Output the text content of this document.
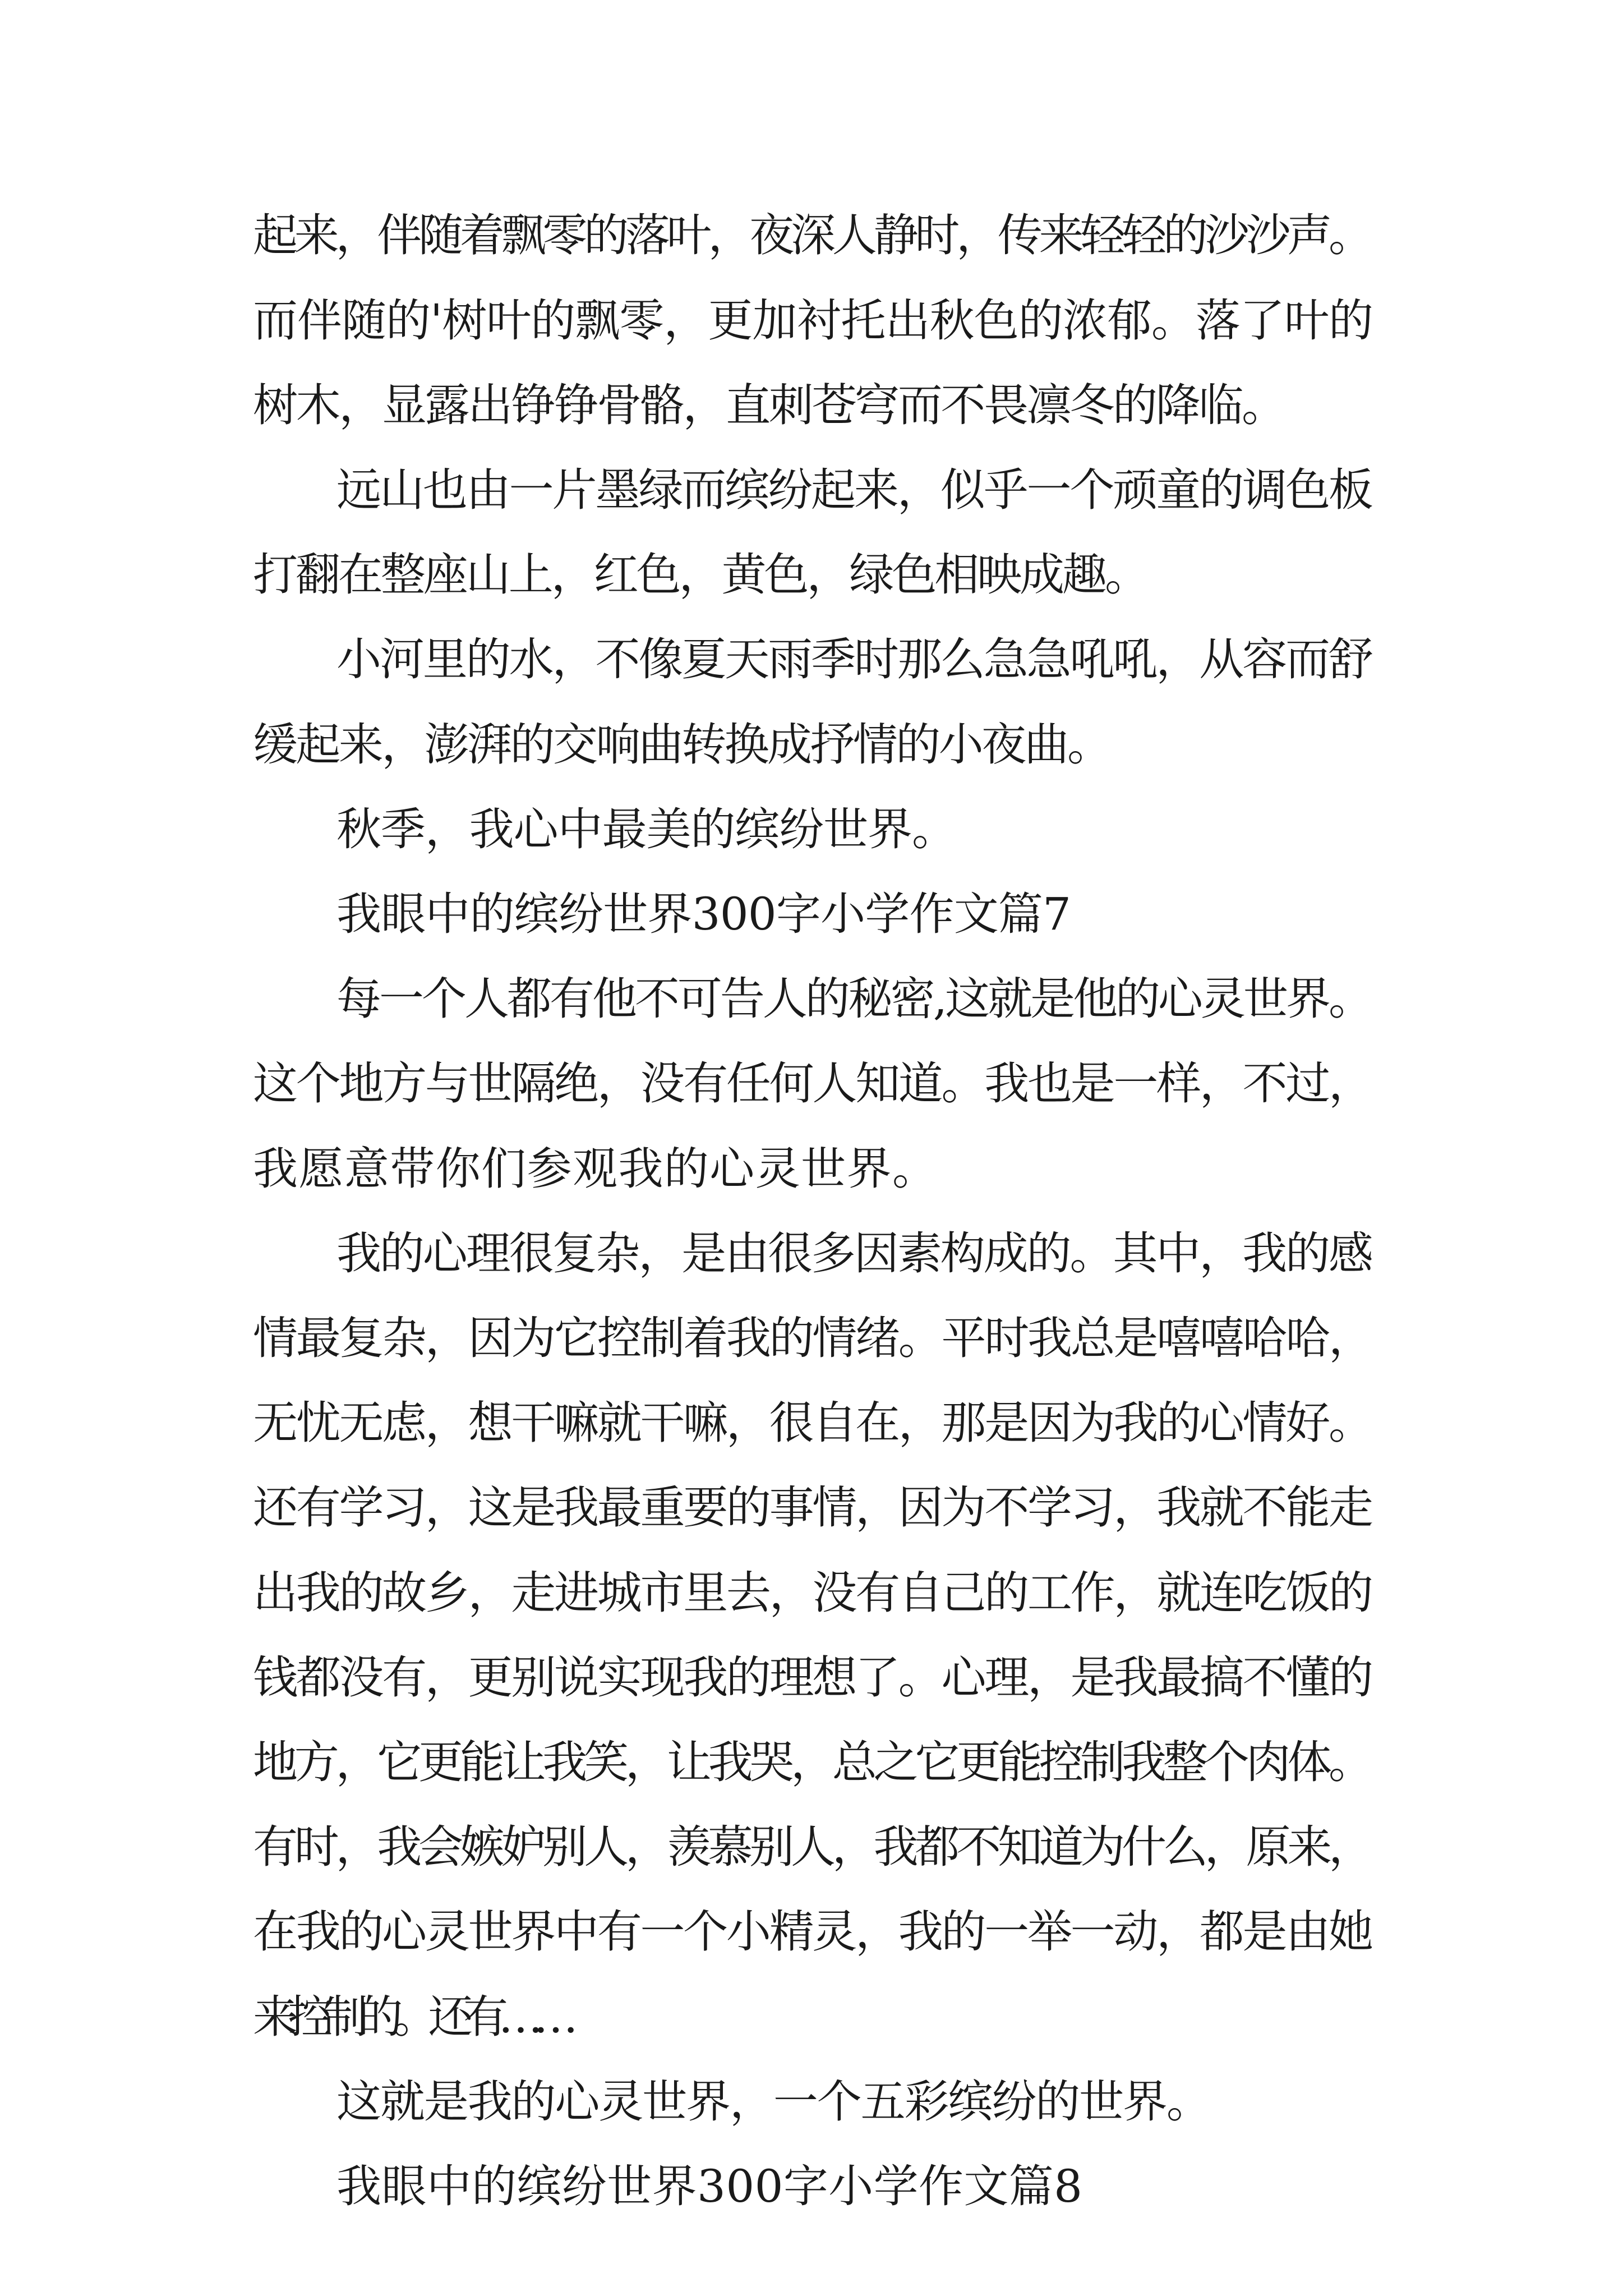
起来，伴随着飘零的落叶，夜深人静时，传来轻轻的沙沙声。
而伴随的'树叶的飘零，更加衬托出秋色的浓郁。落了叶的
树木，显露出铮铮骨骼，直刺苍穹而不畏凛冬的降临。
远山也由一片墨绿而缤纷起来，似乎一个顽童的调色板
打翻在整座山上，红色，黄色，绿色相映成趣。
小河里的水，不像夏天雨季时那么急急吼吼，从容而舒
缓起来，澎湃的交响曲转换成抒情的小夜曲。
秋季，我心中最美的缤纷世界。
我眼中的缤纷世界300字小学作文篇7
每一个人都有他不可告人的秘密,这就是他的心灵世界。
这个地方与世隔绝，没有任何人知道。我也是一样，不过，
我愿意带你们参观我的心灵世界。
我的心理很复杂，是由很多因素构成的。其中，我的感
情最复杂，因为它控制着我的情绪。平时我总是嘻嘻哈哈，
无忧无虑，想干嘛就干嘛，很自在，那是因为我的心情好。
还有学习，这是我最重要的事情，因为不学习，我就不能走
出我的故乡，走进城市里去，没有自己的工作，就连吃饭的
钱都没有，更别说实现我的理想了。心理，是我最搞不懂的
地方，它更能让我笑，让我哭，总之它更能控制我整个肉体。
有时，我会嫉妒别人，羡慕别人，我都不知道为什么，原来，
在我的心灵世界中有一个小精灵，我的一举一动，都是由她
来控制的。还有……
这就是我的心灵世界，一个五彩缤纷的世界。
我眼中的缤纷世界300字小学作文篇8
